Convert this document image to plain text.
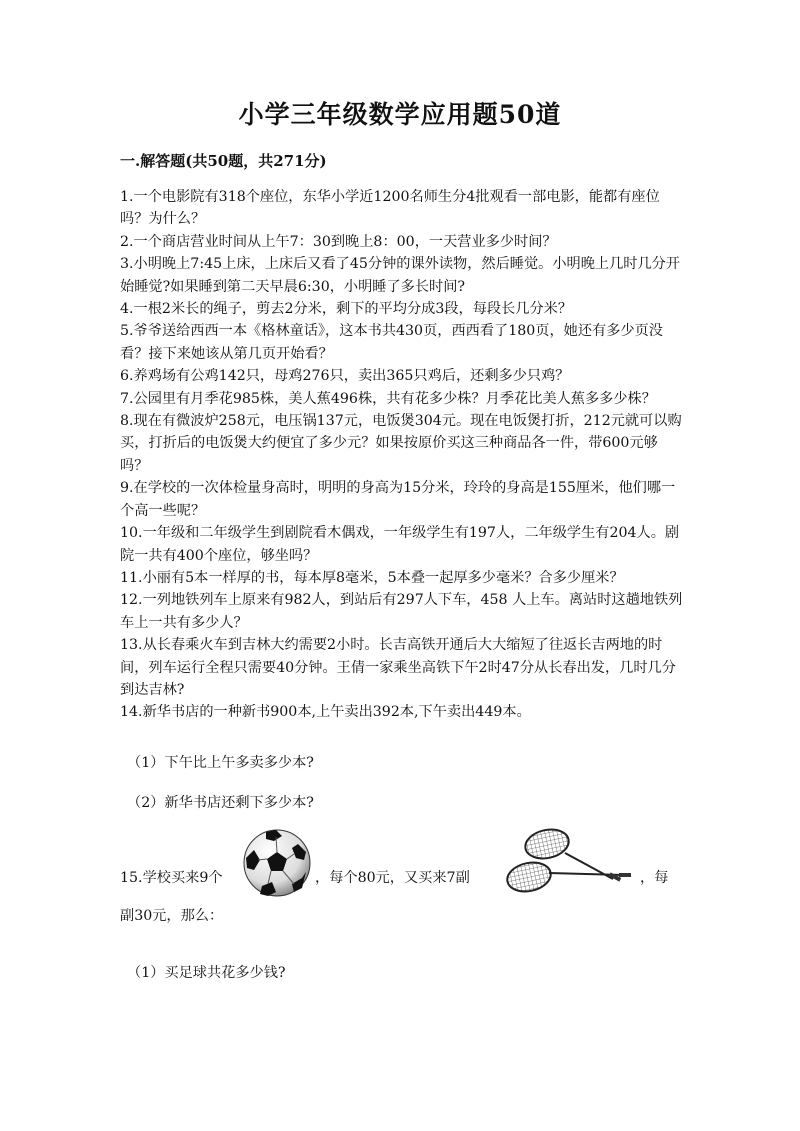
小学三年级数学应用题50道
一.解答题(共50题，共271分)

1.一个电影院有318个座位，东华小学近1200名师生分4批观看一部电影，能都有座位吗？为什么？

2.一个商店营业时间从上午7：30到晚上8：00，一天营业多少时间？

3.小明晚上7:45上床，上床后又看了45分钟的课外读物，然后睡觉。小明晚上几时几分开始睡觉?如果睡到第二天早晨6:30，小明睡了多长时间?

4.一根2米长的绳子，剪去2分米，剩下的平均分成3段，每段长几分米？

5.爷爷送给西西一本《格林童话》，这本书共430页，西西看了180页，她还有多少页没看？接下来她该从第几页开始看？

6.养鸡场有公鸡142只，母鸡276只，卖出365只鸡后，还剩多少只鸡？

7.公园里有月季花985株，美人蕉496株，共有花多少株？月季花比美人蕉多多少株？

8.现在有微波炉258元，电压锅137元，电饭煲304元。现在电饭煲打折，212元就可以购买，打折后的电饭煲大约便宜了多少元？如果按原价买这三种商品各一件，带600元够吗？

9.在学校的一次体检量身高时，明明的身高为15分米，玲玲的身高是155厘米，他们哪一个高一些呢？

10.一年级和二年级学生到剧院看木偶戏，一年级学生有197人，二年级学生有204人。剧院一共有400个座位，够坐吗？

11.小丽有5本一样厚的书，每本厚8毫米，5本叠一起厚多少毫米？合多少厘米？

12.一列地铁列车上原来有982人，到站后有297人下车，458 人上车。离站时这趟地铁列车上一共有多少人？

13.从长春乘火车到吉林大约需要2小时。长吉高铁开通后大大缩短了往返长吉两地的时间，列车运行全程只需要40分钟。王倩一家乘坐高铁下午2时47分从长春出发，几时几分到达吉林?

14.新华书店的一种新书900本,上午卖出392本,下午卖出449本。

（1）下午比上午多卖多少本?
（2）新华书店还剩下多少本?
15.学校买来9个	，每个80元，又买来7副	，每
副30元，那么：
（1）买足球共花多少钱?
